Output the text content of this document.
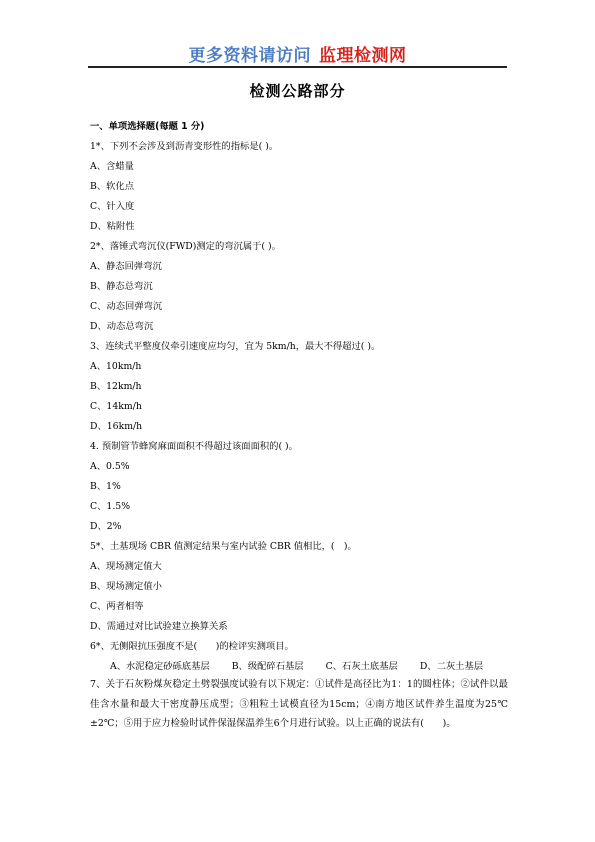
更多资料请访问 监理检测网
检测公路部分
一、单项选择题(每题 1 分)
1*、下列不会涉及到沥青变形性的指标是( )。
A、含蜡量
B、软化点
C、针入度
D、粘附性
2*、落锤式弯沉仪(FWD)测定的弯沉属于( )。
A、静态回弹弯沉
B、静态总弯沉
C、动态回弹弯沉
D、动态总弯沉
3、连续式平整度仪牵引速度应均匀，宜为 5km/h，最大不得超过( )。
A、10km/h
B、12km/h
C、14km/h
D、16km/h
4. 预制管节蜂窝麻面面积不得超过该面面积的( )。
A、0.5%
B、1%
C、1.5%
D、2%
5*、土基现场 CBR 值测定结果与室内试验 CBR 值相比，(　)。
A、现场测定值大
B、现场测定值小
C、两者相等
D、需通过对比试验建立换算关系
6*、无侧限抗压强度不是(　　)的检评实测项目。
A、水泥稳定砂砾底基层 B、级配碎石基层 C、石灰土底基层 D、二灰土基层
7、关于石灰粉煤灰稳定土劈裂强度试验有以下规定：①试件是高径比为1：1的圆柱体；②试件以最佳含水量和最大干密度静压成型；③粗粒土试模直径为15cm；④南方地区试件养生温度为25℃±2℃；⑤用于应力检验时试件保湿保温养生6个月进行试验。以上正确的说法有(　　)。
